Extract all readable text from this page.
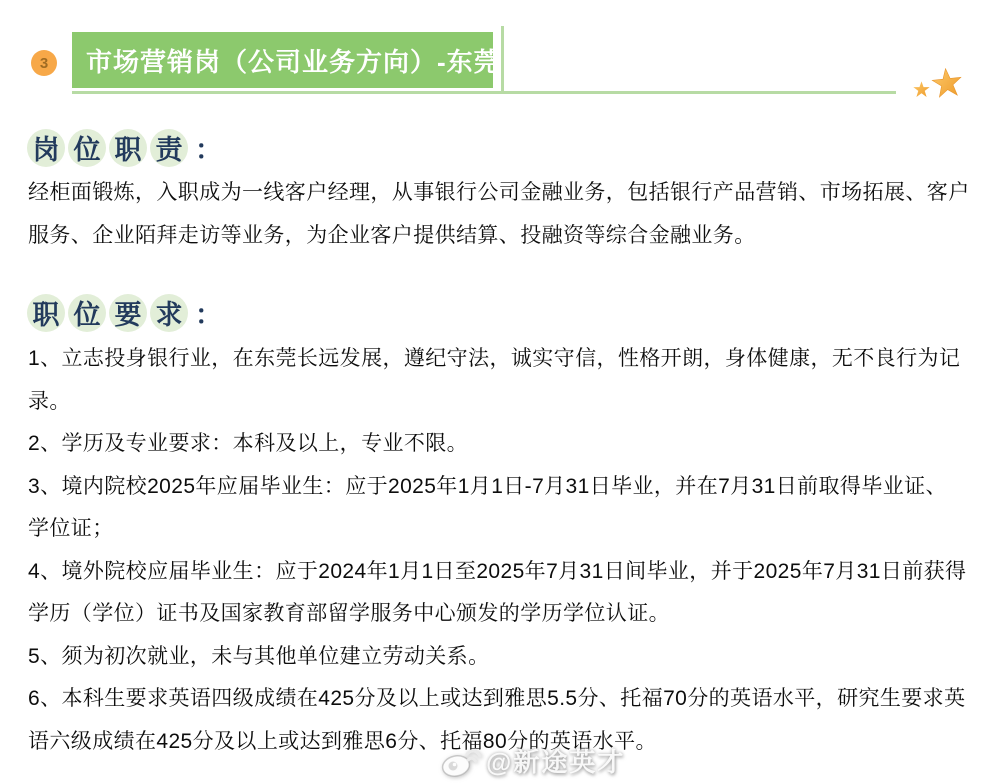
3 市场营销岗（公司业务方向）-东莞
岗 位 职 责 ：
经柜面锻炼，入职成为一线客户经理，从事银行公司金融业务，包括银行产品营销、市场拓展、客户
服务、企业陌拜走访等业务，为企业客户提供结算、投融资等综合金融业务。
职 位 要 求 ：
1、立志投身银行业，在东莞长远发展，遵纪守法，诚实守信，性格开朗，身体健康，无不良行为记
录。
2、学历及专业要求：本科及以上，专业不限。
3、境内院校2025年应届毕业生：应于2025年1月1日-7月31日毕业，并在7月31日前取得毕业证、
学位证；
4、境外院校应届毕业生：应于2024年1月1日至2025年7月31日间毕业，并于2025年7月31日前获得
学历（学位）证书及国家教育部留学服务中心颁发的学历学位认证。
5、须为初次就业，未与其他单位建立劳动关系。
6、本科生要求英语四级成绩在425分及以上或达到雅思5.5分、托福70分的英语水平，研究生要求英
语六级成绩在425分及以上或达到雅思6分、托福80分的英语水平。
@新途英才
